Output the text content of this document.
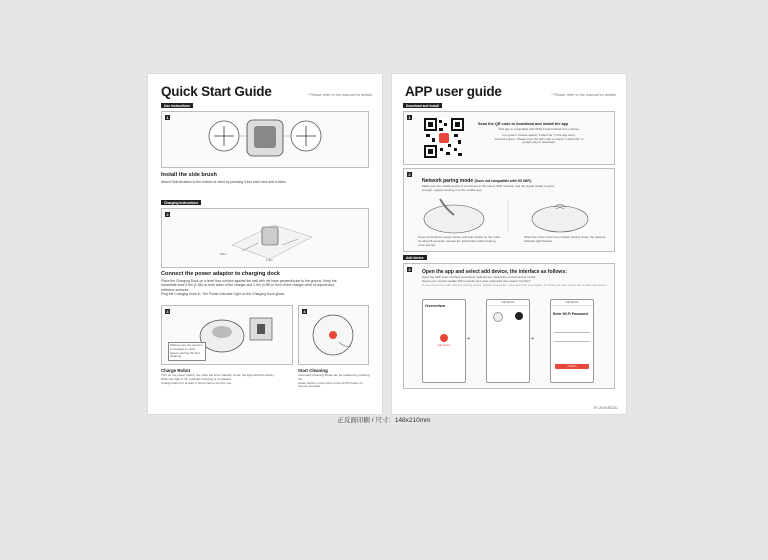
Quick Start Guide	* Please refer to the manual for details
Use instructions
1
Install the side brush
Attach Side Brushes to the bottom of robot by pressing it into each slot until it clicks.
Charging instructions
2
0.5m
1.5m
Connect the power adaptor to charging dock
Place the Charging Dock on a level floor surface against the wall with the base perpendicular to the ground. Keep the
immediate area 0.5m (1.6ft) on both sides of the charger and 1.5m (4.9ft) in front of the charger clear of objects and
reflective surfaces.
Plug the Charging Dock in. The Power Indicator Light on the Charging Dock glows.
3
Making sure the vacuum is charged on dock before starting the first cleaning
4
Charge Robot
Turn on the power switch, the robot will enter standby mode, the light will flash slowly.
When the light is off, indicates charging is completed.
Charge Robot for at least 4 hours before the first use.
Start Cleaning
Automatic Cleaning Mode can be initiated by pressing the
power button on the robot or the AUTO button on
remote controller.
APP user guide	* Please refer to the manual for details
Download and install
1
Scan the QR code to download and install the app
This app is compatible with iOS9.0 and Android 4.0 or above.
Ios system: Please search "Lefant life" in the app store.
Android system: Please scan the QR code or search "Lefant life" in
google play to download.
2
Network paring mode (Does not compatible with 5G WiFi)
Make sure the mobile device is connected to the indoor WiFi network, and the signal quality is good
enough, register and log in to the mobile app.
Press and hold the power button and Auto button on the robot for about 5 seconds, release the start button when hearing voice prompt.
When the robot enters the network pairing mode, the network indicator light flashes.
Add device
3 Open the app and select add device, the interface as follows:
Open the APP main interface and select "add device" Select the correct device model
Select your current usable WiFi network and enter password then select "Confirm"
If you experience with network pairing failure, please refresh the robot and then start again. Or delete the add, follow the similar instructions.
Overveiwn
Add device
➜
Add Device
➜
Add Device
Enter Wi-Fi Password
Confirm
TF-LH201902211
正反面印刷 / 尺寸：148x210mm
